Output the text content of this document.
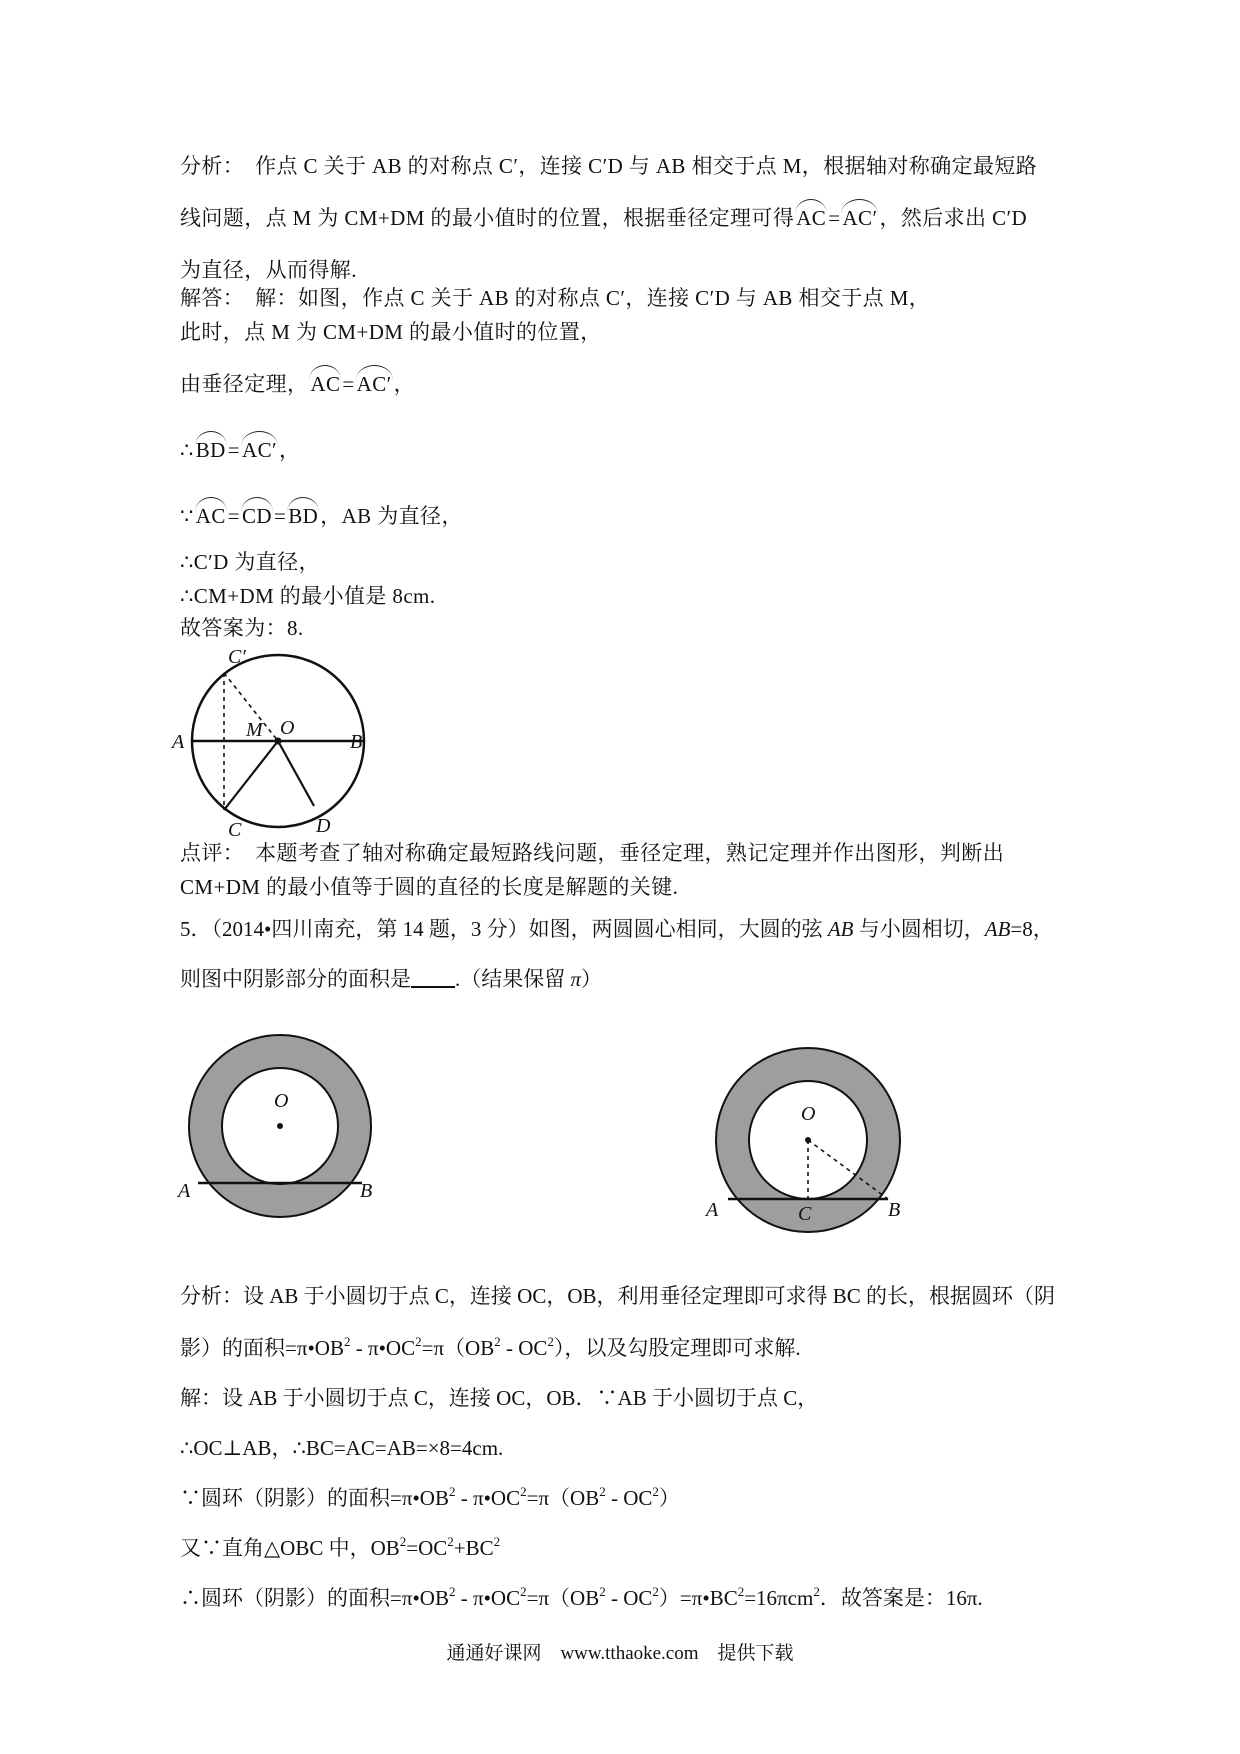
分析：　作点 C 关于 AB 的对称点 C′，连接 C′D 与 AB 相交于点 M，根据轴对称确定最短路
线问题，点 M 为 CM+DM 的最小值时的位置，根据垂径定理可得AC=AC′，然后求出 C′D
为直径，从而得解.
解答：　解：如图，作点 C 关于 AB 的对称点 C′，连接 C′D 与 AB 相交于点 M，
此时，点 M 为 CM+DM 的最小值时的位置，
由垂径定理，AC=AC′，
∴BD=AC′，
∵AC=CD=BD，AB 为直径，
∴C′D 为直径，
∴CM+DM 的最小值是 8cm.
故答案为：8.
C′
A
M O
B
C	D
点评：　本题考查了轴对称确定最短路线问题，垂径定理，熟记定理并作出图形，判断出
CM+DM 的最小值等于圆的直径的长度是解题的关键.
5．（2014•四川南充，第 14 题，3 分）如图，两圆圆心相同，大圆的弦 AB 与小圆相切，AB=8，
则图中阴影部分的面积是 .（结果保留 π）
O
A	B
O
A	C	B
分析：设 AB 于小圆切于点 C，连接 OC，OB，利用垂径定理即可求得 BC 的长，根据圆环（阴
影）的面积$=\pi•OB^2$ - $\pi•OC^2=\pi(OB^2 - OC^2)$，以及勾股定理即可求解.
解：设 AB 于小圆切于点 C，连接 OC，OB．∵AB 于小圆切于点 C，
∴OC⊥AB，∴BC=AC=AB=×8=4cm.
∵圆环（阴影）的面积$=\pi•OB^2$ - $\pi•OC^2=\pi(OB^2 - OC^2)$
又∵直角△OBC 中，$OB^2=OC^2+BC^2$
∴圆环（阴影）的面积$=\pi•OB^2$ - $\pi•OC^2=\pi(OB^2$ - $OC^2)=\pi•BC^2=16\pi cm^2$．故答案是：16π.
通通好课网　www.tthaoke.com　提供下载
